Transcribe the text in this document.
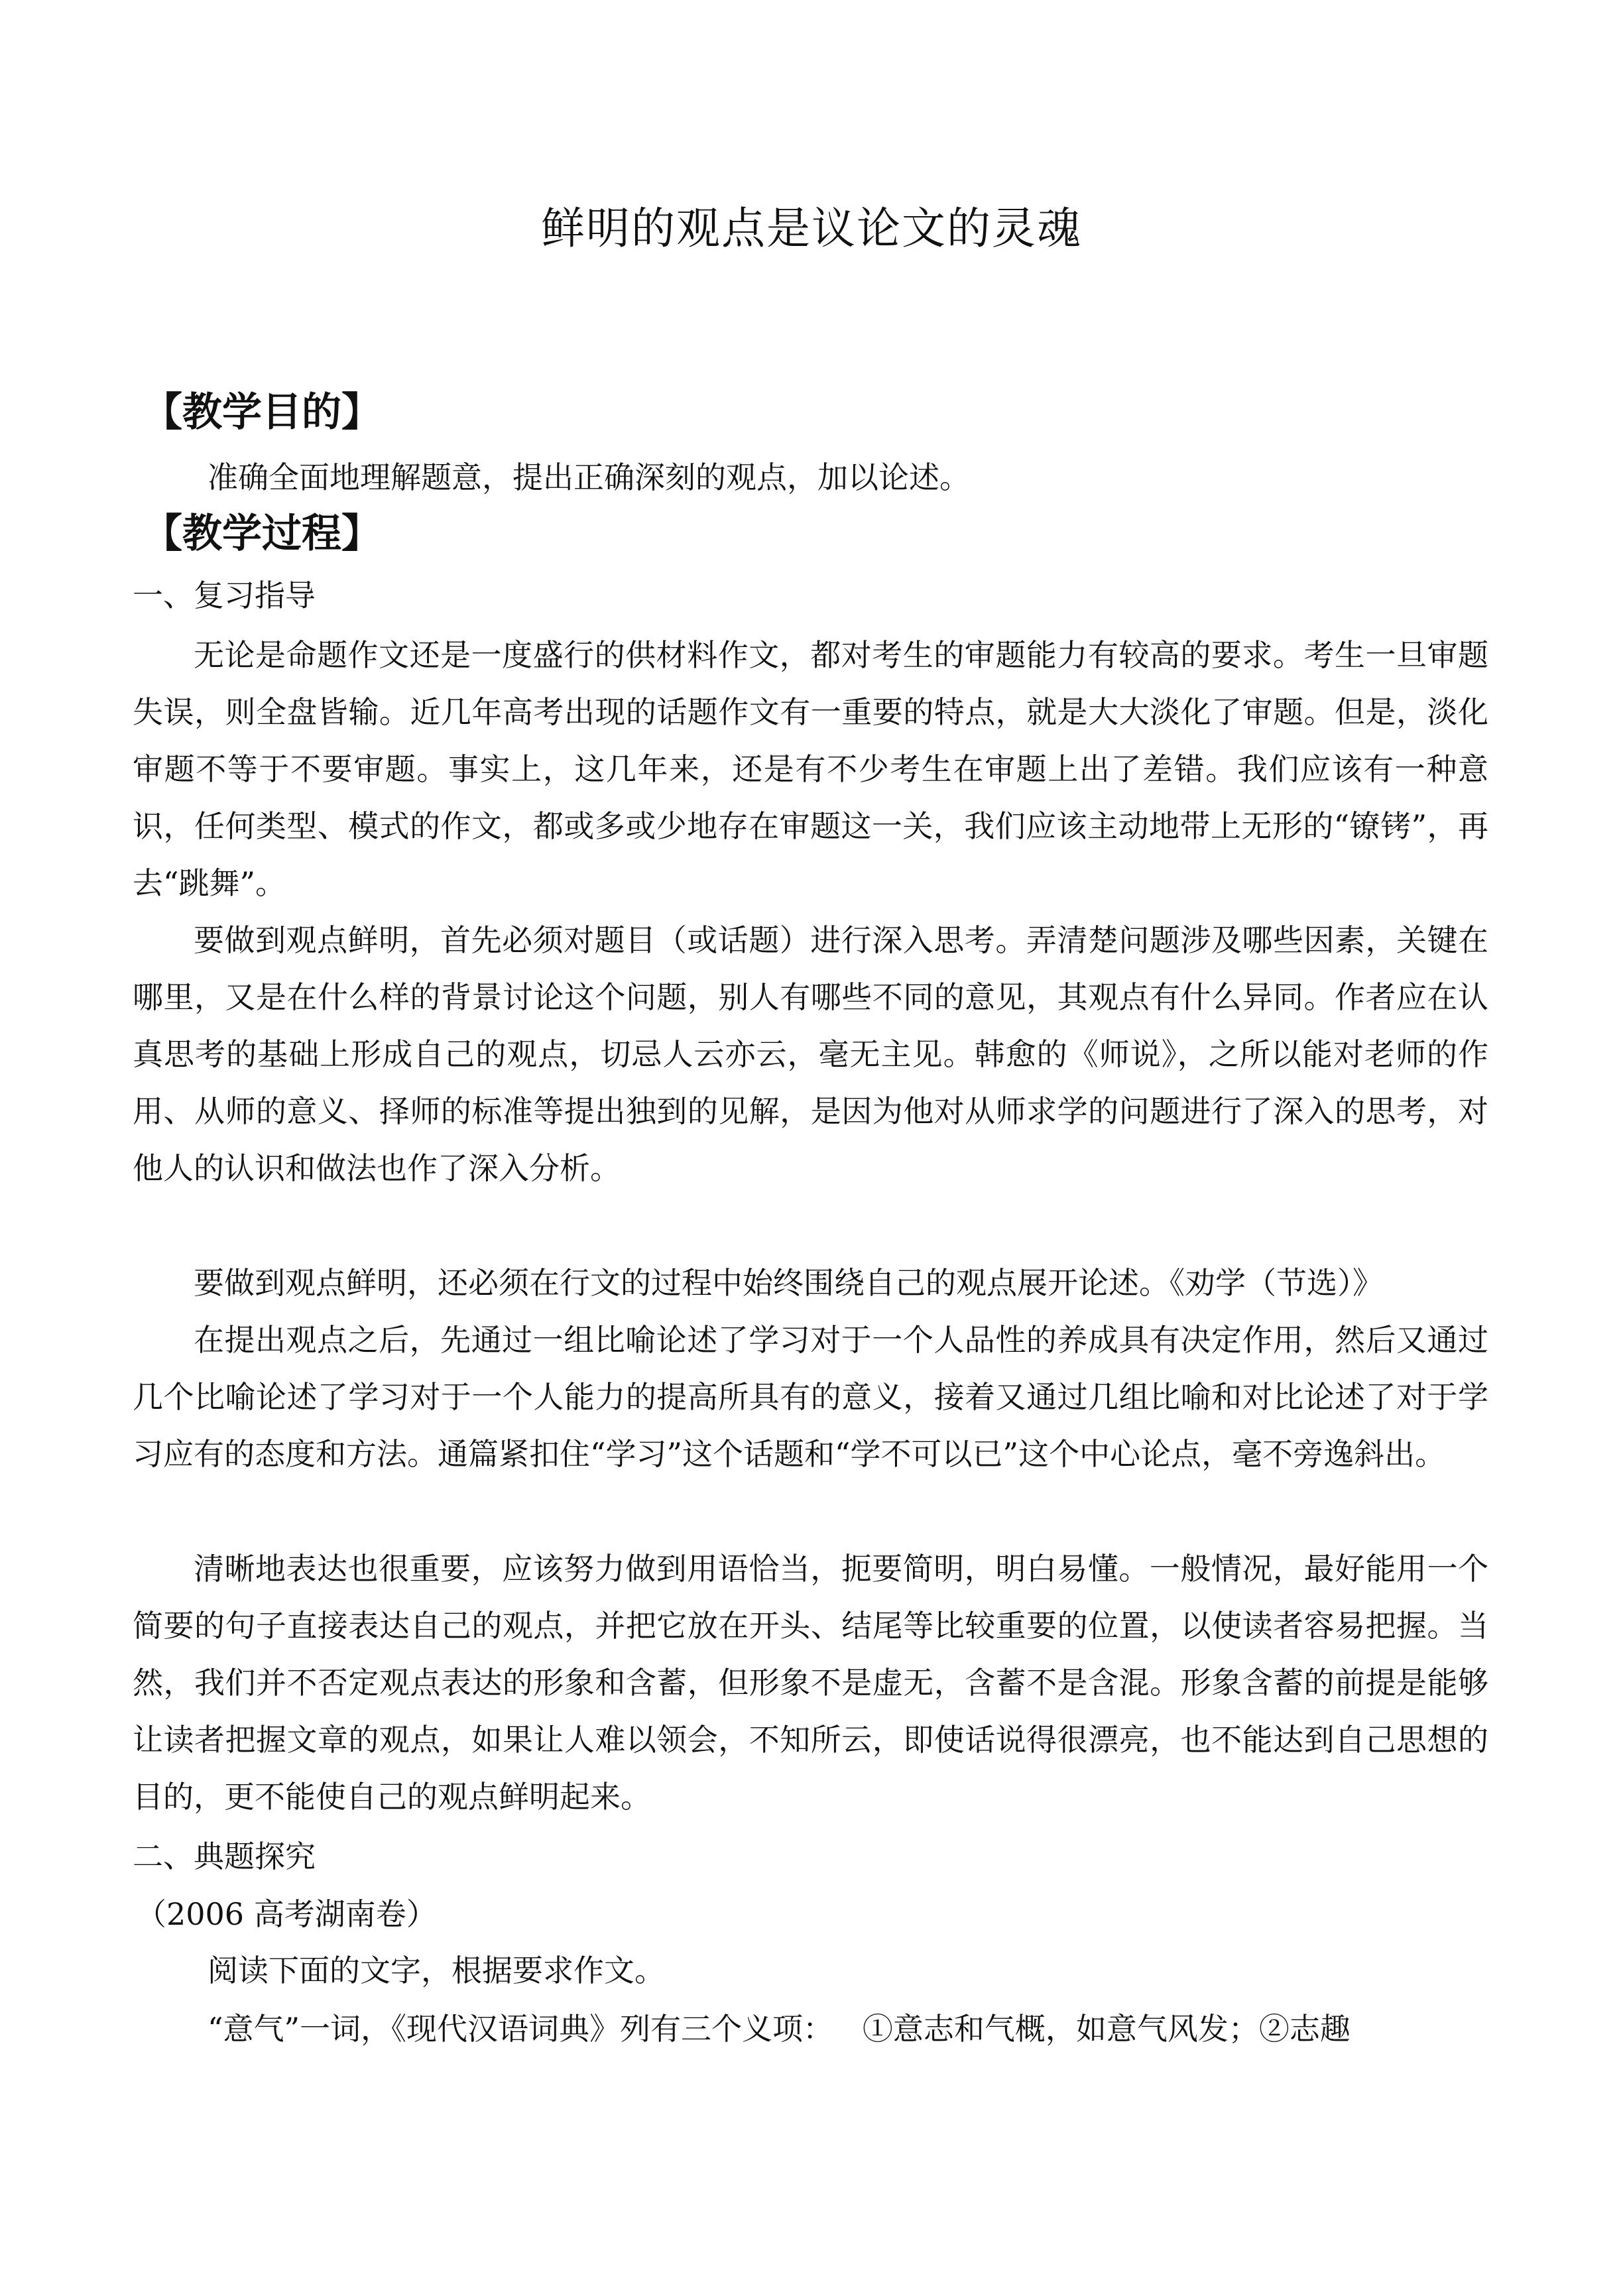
鲜明的观点是议论文的灵魂
【教学目的】

准确全面地理解题意，提出正确深刻的观点，加以论述。

【教学过程】

一、复习指导

无论是命题作文还是一度盛行的供材料作文，都对考生的审题能力有较高的要求。考生一旦审题失误，则全盘皆输。近几年高考出现的话题作文有一重要的特点，就是大大淡化了审题。但是，淡化审题不等于不要审题。事实上，这几年来，还是有不少考生在审题上出了差错。我们应该有一种意识，任何类型、模式的作文，都或多或少地存在审题这一关，我们应该主动地带上无形的“镣铐”，再去“跳舞”。

要做到观点鲜明，首先必须对题目（或话题）进行深入思考。弄清楚问题涉及哪些因素，关键在哪里，又是在什么样的背景讨论这个问题，别人有哪些不同的意见，其观点有什么异同。作者应在认真思考的基础上形成自己的观点，切忌人云亦云，毫无主见。韩愈的《师说》，之所以能对老师的作用、从师的意义、择师的标准等提出独到的见解，是因为他对从师求学的问题进行了深入的思考，对他人的认识和做法也作了深入分析。

要做到观点鲜明，还必须在行文的过程中始终围绕自己的观点展开论述。《劝学（节选）》

在提出观点之后，先通过一组比喻论述了学习对于一个人品性的养成具有决定作用，然后又通过几个比喻论述了学习对于一个人能力的提高所具有的意义，接着又通过几组比喻和对比论述了对于学习应有的态度和方法。通篇紧扣住“学习”这个话题和“学不可以已”这个中心论点，毫不旁逸斜出。

清晰地表达也很重要，应该努力做到用语恰当，扼要简明，明白易懂。一般情况，最好能用一个简要的句子直接表达自己的观点，并把它放在开头、结尾等比较重要的位置，以使读者容易把握。当然，我们并不否定观点表达的形象和含蓄，但形象不是虚无，含蓄不是含混。形象含蓄的前提是能够让读者把握文章的观点，如果让人难以领会，不知所云，即使话说得很漂亮，也不能达到自己思想的目的，更不能使自己的观点鲜明起来。

二、典题探究

（2006 高考湖南卷）

阅读下面的文字，根据要求作文。

“意气”一词，《现代汉语词典》列有三个义项：   ①意志和气概，如意气风发；②志趣
